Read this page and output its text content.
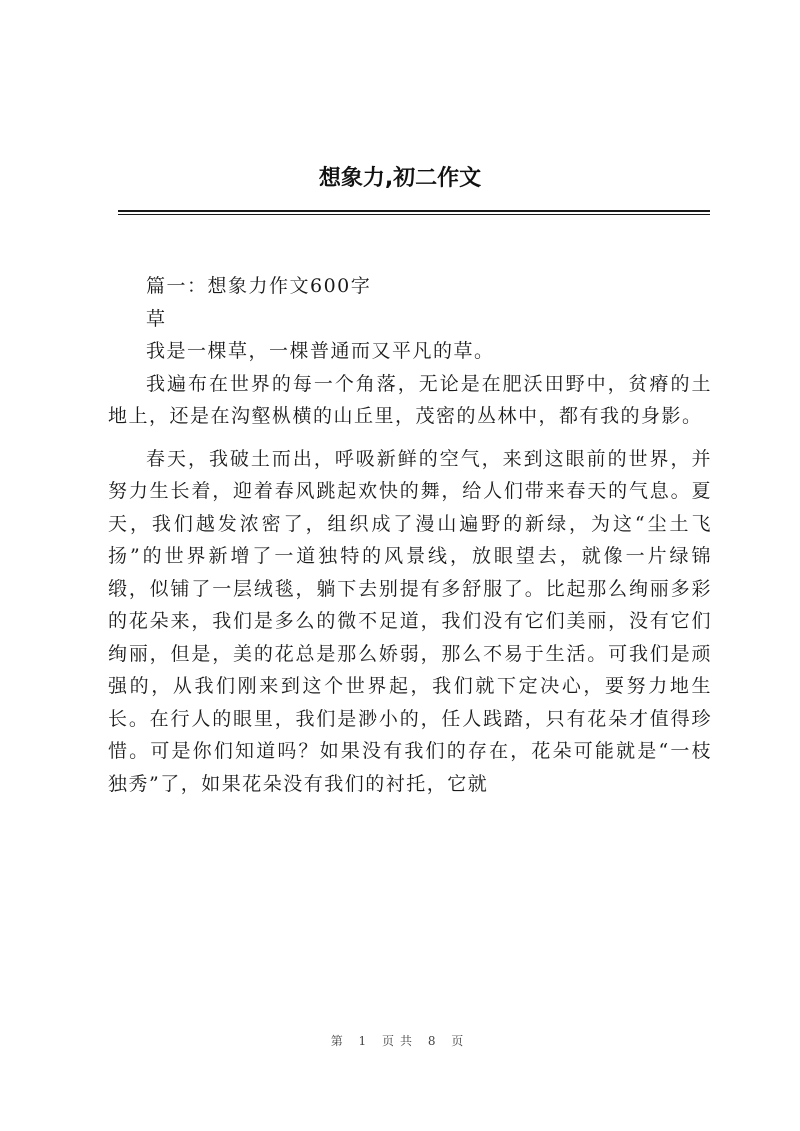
想象力,初二作文

篇一：想象力作文600字

草

我是一棵草，一棵普通而又平凡的草。

我遍布在世界的每一个角落，无论是在肥沃田野中，贫瘠的土地上，还是在沟壑枞横的山丘里，茂密的丛林中，都有我的身影。

春天，我破土而出，呼吸新鲜的空气，来到这眼前的世界，并努力生长着，迎着春风跳起欢快的舞，给人们带来春天的气息。夏天，我们越发浓密了，组织成了漫山遍野的新绿，为这“尘土飞扬”的世界新增了一道独特的风景线，放眼望去，就像一片绿锦缎，似铺了一层绒毯，躺下去别提有多舒服了。比起那么绚丽多彩的花朵来，我们是多么的微不足道，我们没有它们美丽，没有它们绚丽，但是，美的花总是那么娇弱，那么不易于生活。可我们是顽强的，从我们刚来到这个世界起，我们就下定决心，要努力地生长。在行人的眼里，我们是渺小的，任人践踏，只有花朵才值得珍惜。可是你们知道吗？如果没有我们的存在，花朵可能就是“一枝独秀”了，如果花朵没有我们的衬托，它就

第 1 页共 8 页
